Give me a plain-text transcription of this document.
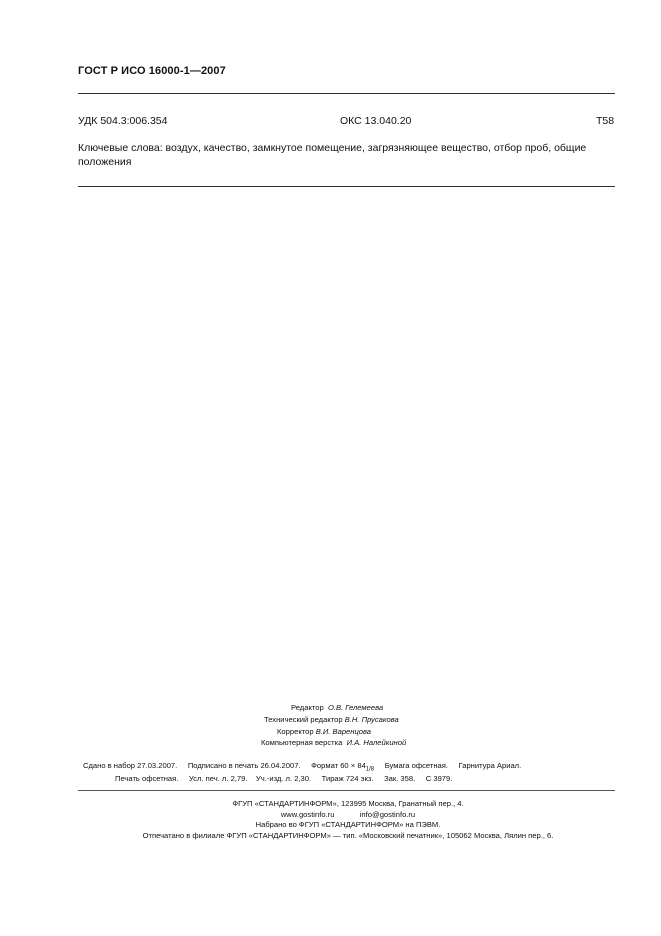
ГОСТ Р ИСО 16000-1—2007
УДК 504.3:006.354	ОКС 13.040.20	Т58
Ключевые слова: воздух, качество, замкнутое помещение, загрязняющее вещество, отбор проб, общие положения
Редактор О.В. Гелемеева
Технический редактор В.Н. Прусакова
Корректор В.И. Варенцова
Компьютерная верстка И.А. Налейкиной
Сдано в набор 27.03.2007. Подписано в печать 26.04.2007. Формат $60 \times 84_{1/8}$ Бумага офсетная. Гарнитура Ариал.
Печать офсетная. Усл. печ. л. 2,79. Уч.-изд. л. 2,30. Тираж 724 экз. Зак. 358. С 3979.
ФГУП «СТАНДАРТИНФОРМ», 123995 Москва, Гранатный пер., 4.
www.gostinfo.ru	info@gostinfo.ru
Набрано во ФГУП «СТАНДАРТИНФОРМ» на ПЭВМ.
Отпечатано в филиале ФГУП «СТАНДАРТИНФОРМ» — тип. «Московский печатник», 105062 Москва, Лялин пер., 6.
